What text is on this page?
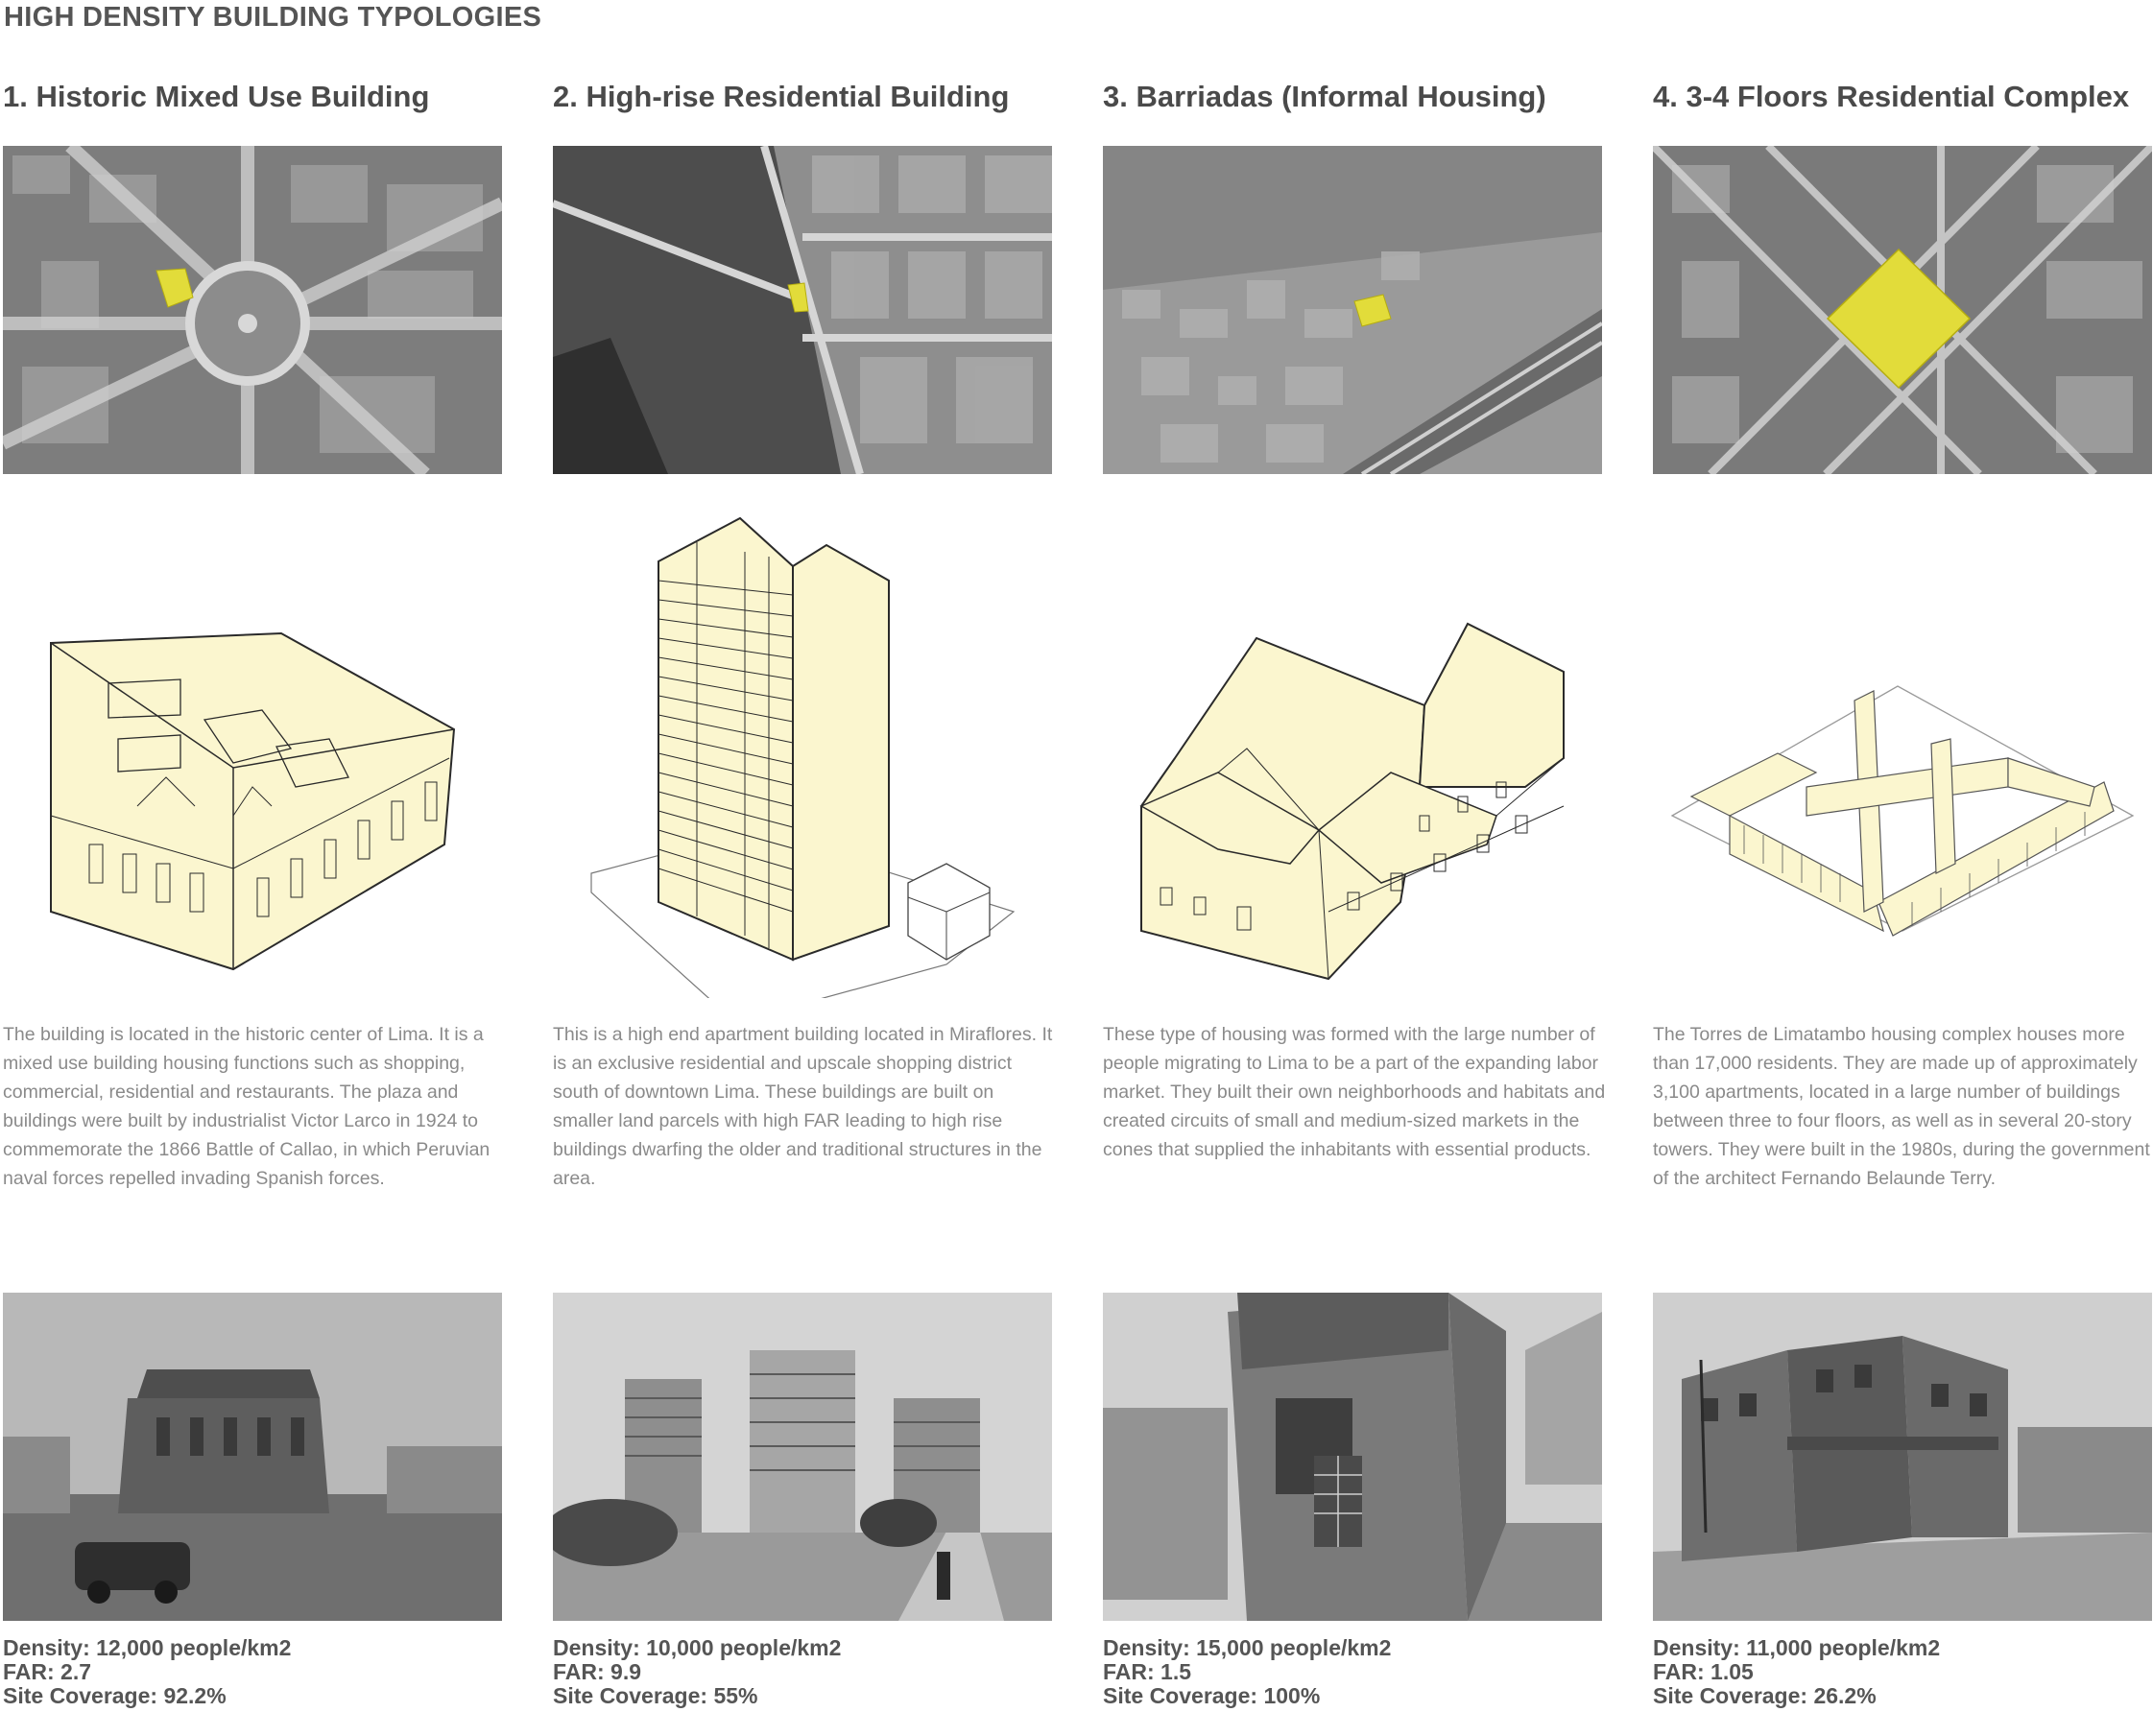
HIGH DENSITY BUILDING TYPOLOGIES
1. Historic Mixed Use Building
The building is located in the historic center of Lima. It is a mixed use building housing functions such as shopping, commercial, residential and restaurants. The plaza and buildings were built by industrialist Victor Larco in 1924 to commemorate the 1866 Battle of Callao, in which Peruvian naval forces repelled invading Spanish forces.
Density: 12,000 people/km2
FAR: 2.7
Site Coverage: 92.2%
2. High-rise Residential Building
This is a high end apartment building located in Miraflores. It is an exclusive residential and upscale shopping district south of downtown Lima. These buildings are built on smaller land parcels with high FAR leading to high rise buildings dwarfing the older and traditional structures in the area.
Density: 10,000 people/km2
FAR: 9.9
Site Coverage: 55%
3. Barriadas (Informal Housing)
These type of housing was formed with the large number of people migrating to Lima to be a part of the expanding labor market. They built their own neighborhoods and habitats and created circuits of small and medium-sized markets in the cones that supplied the inhabitants with essential products.
Density: 15,000 people/km2
FAR: 1.5
Site Coverage: 100%
4. 3-4 Floors Residential Complex
The Torres de Limatambo housing complex houses more than 17,000 residents. They are made up of approximately 3,100 apartments, located in a large number of buildings between three to four floors, as well as in several 20-story towers. They were built in the 1980s, during the government of the architect Fernando Belaunde Terry.
Density: 11,000 people/km2
FAR: 1.05
Site Coverage: 26.2%
